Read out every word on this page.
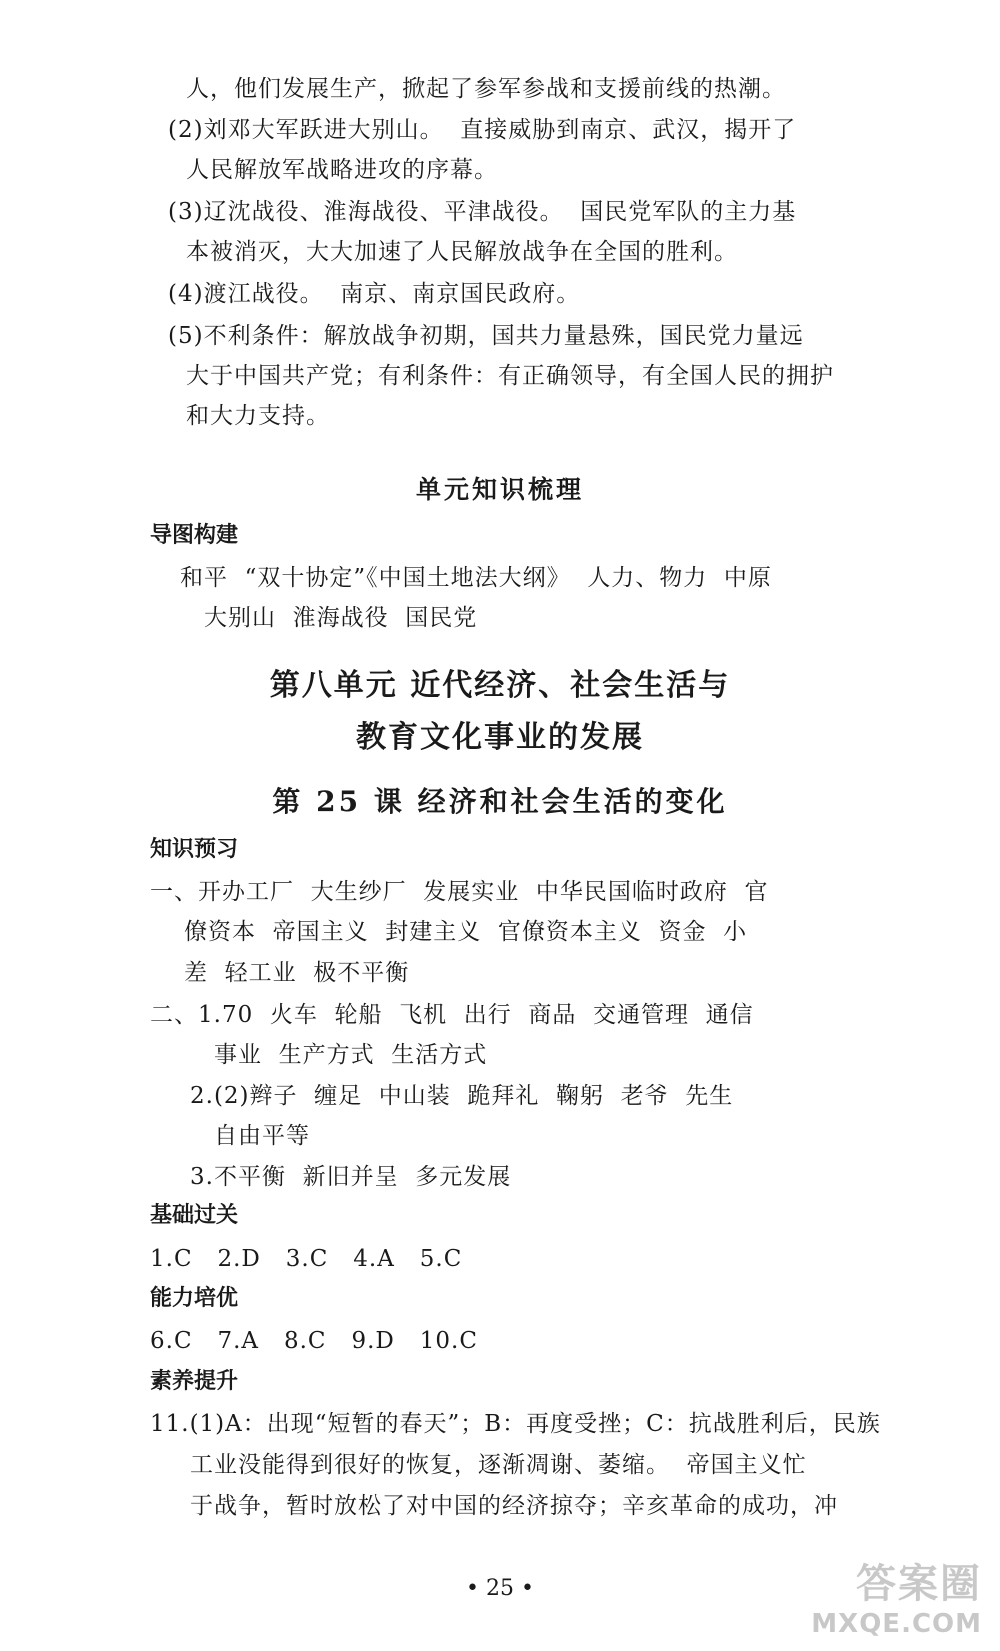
人，他们发展生产，掀起了参军参战和支援前线的热潮。
(2)刘邓大军跃进大别山。  直接威胁到南京、武汉，揭开了
人民解放军战略进攻的序幕。
(3)辽沈战役、淮海战役、平津战役。  国民党军队的主力基
本被消灭，大大加速了人民解放战争在全国的胜利。
(4)渡江战役。  南京、南京国民政府。
(5)不利条件：解放战争初期，国共力量悬殊，国民党力量远
大于中国共产党；有利条件：有正确领导，有全国人民的拥护
和大力支持。
单元知识梳理
导图构建
和平  “双十协定”《中国土地法大纲》  人力、物力  中原
大别山  淮海战役  国民党
第八单元 近代经济、社会生活与
教育文化事业的发展
第 25 课 经济和社会生活的变化
知识预习
一、开办工厂  大生纱厂  发展实业  中华民国临时政府  官
僚资本  帝国主义  封建主义  官僚资本主义  资金  小
差  轻工业  极不平衡
二、1.70  火车  轮船  飞机  出行  商品  交通管理  通信
事业  生产方式  生活方式
2.(2)辫子  缠足  中山装  跪拜礼  鞠躬  老爷  先生
自由平等
3.不平衡  新旧并呈  多元发展
基础过关
1.C   2.D   3.C   4.A   5.C
能力培优
6.C   7.A   8.C   9.D   10.C
素养提升
11.(1)A：出现“短暂的春天”；B：再度受挫；C：抗战胜利后，民族
工业没能得到很好的恢复，逐渐凋谢、萎缩。  帝国主义忙
于战争，暂时放松了对中国的经济掠夺；辛亥革命的成功，冲
• 25 •	答案圈
MXQE.COM
